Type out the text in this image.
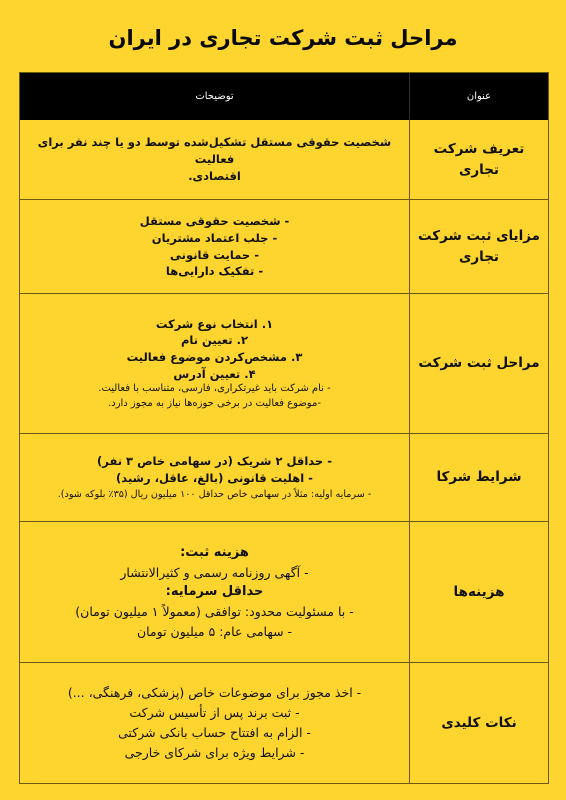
مراحل ثبت شرکت تجاری در ایران
عنوان
توضیحات
تعریف شرکت تجاری
شخصیت حقوقی مستقل تشکیل‌شده توسط دو یا چند نفر برای فعالیت
اقتصادی.
مزایای ثبت شرکت تجاری
- شخصیت حقوقی مستقل
- جلب اعتماد مشتریان
- حمایت قانونی
- تفکیک دارایی‌ها
مراحل ثبت شرکت
۱. انتخاب نوع شرکت
۲. تعیین نام
۳. مشخص‌کردن موضوع فعالیت
۴. تعیین آدرس
- نام شرکت باید غیرتکراری، فارسی، متناسب با فعالیت.
-موضوع فعالیت در برخی حوزه‌ها نیاز به مجوز دارد.
شرایط شرکا
- حداقل ۲ شریک (در سهامی خاص ۳ نفر)
- اهلیت قانونی (بالغ، عاقل، رشید)
- سرمایه اولیه: مثلاً در سهامی خاص حداقل ۱۰۰ میلیون ریال (۳۵٪ بلوکه شود).
هزینه‌ها
هزینه ثبت:
- آگهی روزنامه رسمی و کثیرالانتشار
حداقل سرمایه:
- با مسئولیت محدود: توافقی (معمولاً ۱ میلیون تومان)
- سهامی عام: ۵ میلیون تومان
نکات کلیدی
- اخذ مجوز برای موضوعات خاص (پزشکی، فرهنگی، ...)
- ثبت برند پس از تأسیس شرکت
- الزام به افتتاح حساب بانکی شرکتی
- شرایط ویژه برای شرکای خارجی
